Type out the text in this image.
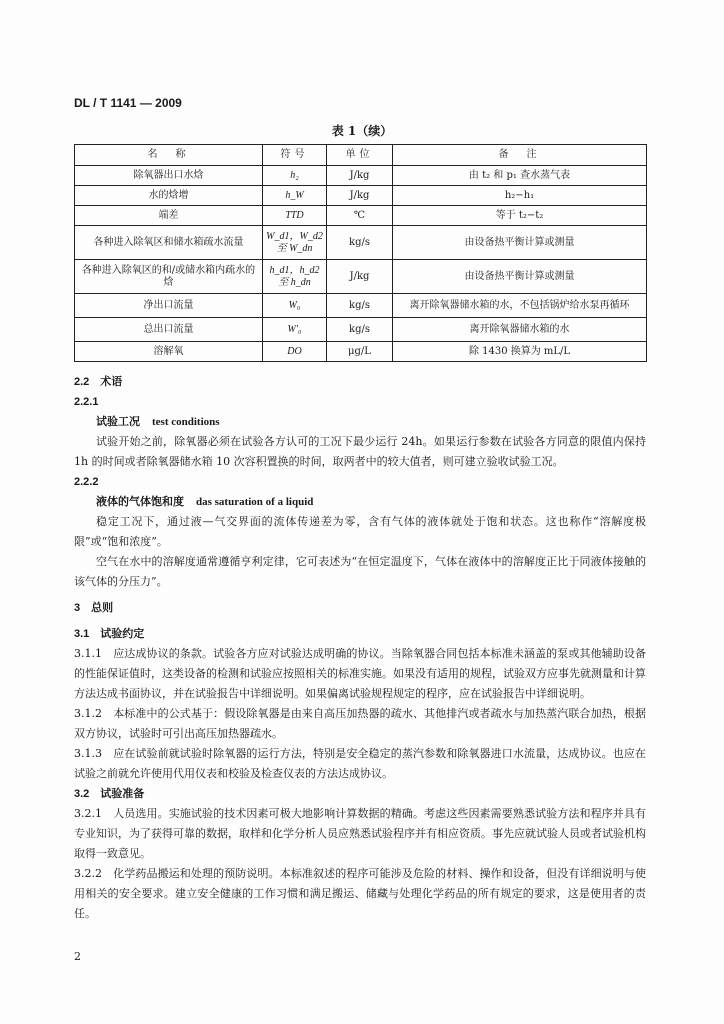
DL / T 1141 — 2009
表 1（续）
名　称	符号	单位	备　注
除氧器出口水焓	h₂	J/kg	由 t₂ 和 p₁ 查水蒸气表
水的焓增	h_W	J/kg	h₂−h₁
端差	TTD	℃	等于 t₂−t₂
各种进入除氧区和储水箱疏水流量	W_d1，W_d2 至 W_dn	kg/s	由设备热平衡计算或测量
各种进入除氧区的和/或储水箱内疏水的焓	h_d1，h_d2 至 h_dn	J/kg	由设备热平衡计算或测量
净出口流量	W₀	kg/s	离开除氧器储水箱的水，不包括锅炉给水泵再循环
总出口流量	W′₀	kg/s	离开除氧器储水箱的水
溶解氧	DO	μg/L	除 1430 换算为 mL/L

2.2　术语

2.2.1

试验工况 test conditions

试验开始之前，除氧器必须在试验各方认可的工况下最少运行 24h。如果运行参数在试验各方同意的限值内保持 1h 的时间或者除氧器储水箱 10 次容积置换的时间，取两者中的较大值者，则可建立验收试验工况。

2.2.2

液体的气体饱和度 das saturation of a liquid

稳定工况下，通过液—气交界面的流体传递差为零，含有气体的液体就处于饱和状态。这也称作“溶解度极限”或“饱和浓度”。

空气在水中的溶解度通常遵循亨利定律，它可表述为“在恒定温度下，气体在液体中的溶解度正比于同液体接触的该气体的分压力”。

3　总则

3.1　试验约定

3.1.1　应达成协议的条款。试验各方应对试验达成明确的协议。当除氧器合同包括本标准未涵盖的泵或其他辅助设备的性能保证值时，这类设备的检测和试验应按照相关的标准实施。如果没有适用的规程，试验双方应事先就测量和计算方法达成书面协议，并在试验报告中详细说明。如果偏离试验规程规定的程序，应在试验报告中详细说明。

3.1.2　本标准中的公式基于：假设除氧器是由来自高压加热器的疏水、其他排汽或者疏水与加热蒸汽联合加热，根据双方协议，试验时可引出高压加热器疏水。

3.1.3　应在试验前就试验时除氧器的运行方法，特别是安全稳定的蒸汽参数和除氧器进口水流量，达成协议。也应在试验之前就允许使用代用仪表和校验及检查仪表的方法达成协议。

3.2　试验准备

3.2.1　人员选用。实施试验的技术因素可极大地影响计算数据的精确。考虑这些因素需要熟悉试验方法和程序并具有专业知识，为了获得可靠的数据，取样和化学分析人员应熟悉试验程序并有相应资质。事先应就试验人员或者试验机构取得一致意见。

3.2.2　化学药品搬运和处理的预防说明。本标准叙述的程序可能涉及危险的材料、操作和设备，但没有详细说明与使用相关的安全要求。建立安全健康的工作习惯和满足搬运、储藏与处理化学药品的所有规定的要求，这是使用者的责任。

2
